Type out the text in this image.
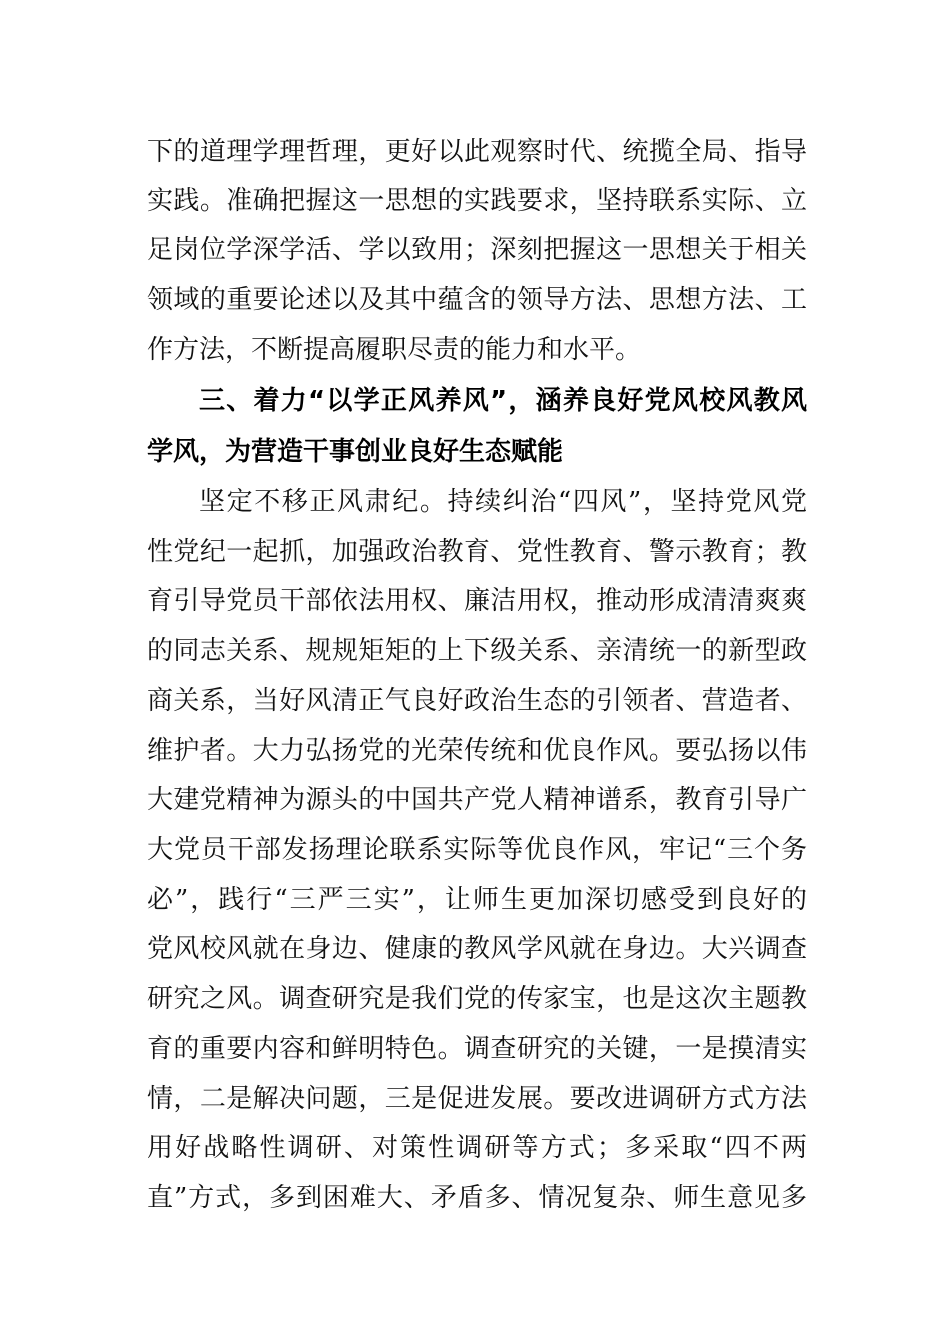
下的道理学理哲理，更好以此观察时代、统揽全局、指导
实践。准确把握这一思想的实践要求，坚持联系实际、立
足岗位学深学活、学以致用；深刻把握这一思想关于相关
领域的重要论述以及其中蕴含的领导方法、思想方法、工
作方法，不断提高履职尽责的能力和水平。
三、着力“以学正风养风”，涵养良好党风校风教风
学风，为营造干事创业良好生态赋能
坚定不移正风肃纪。持续纠治“四风”，坚持党风党
性党纪一起抓，加强政治教育、党性教育、警示教育；教
育引导党员干部依法用权、廉洁用权，推动形成清清爽爽
的同志关系、规规矩矩的上下级关系、亲清统一的新型政
商关系，当好风清正气良好政治生态的引领者、营造者、
维护者。大力弘扬党的光荣传统和优良作风。要弘扬以伟
大建党精神为源头的中国共产党人精神谱系，教育引导广
大党员干部发扬理论联系实际等优良作风，牢记“三个务
必”，践行“三严三实”，让师生更加深切感受到良好的
党风校风就在身边、健康的教风学风就在身边。大兴调查
研究之风。调查研究是我们党的传家宝，也是这次主题教
育的重要内容和鲜明特色。调查研究的关键，一是摸清实
情，二是解决问题，三是促进发展。要改进调研方式方法
用好战略性调研、对策性调研等方式；多采取“四不两
直”方式，多到困难大、矛盾多、情况复杂、师生意见多
